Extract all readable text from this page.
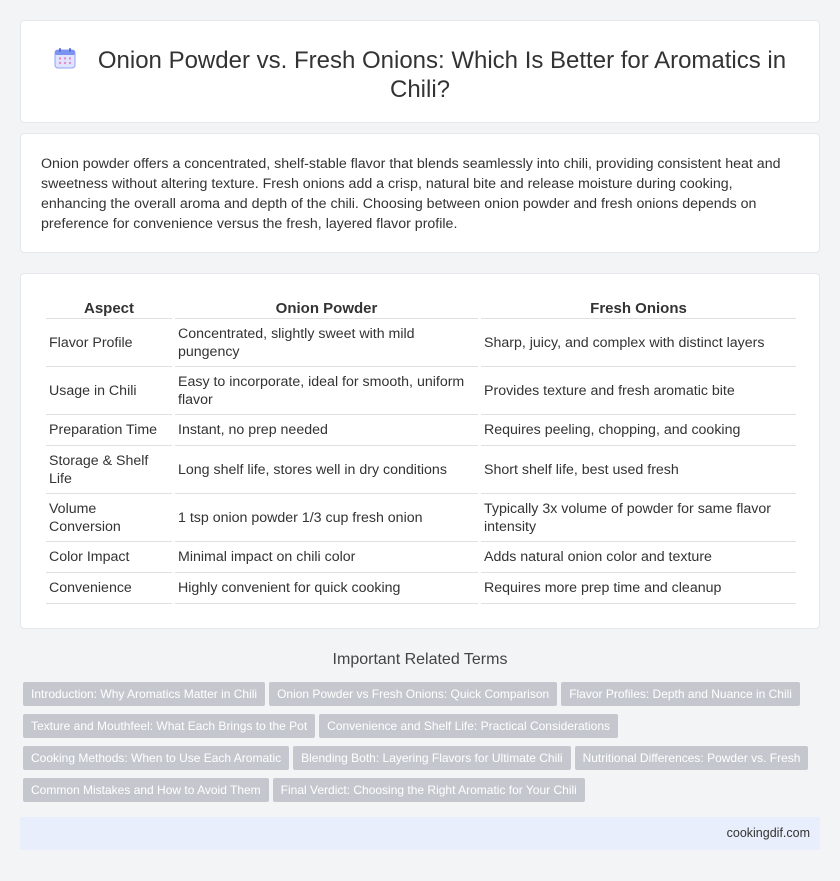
Onion Powder vs. Fresh Onions: Which Is Better for Aromatics in Chili?

Onion powder offers a concentrated, shelf-stable flavor that blends seamlessly into chili, providing consistent heat and sweetness without altering texture. Fresh onions add a crisp, natural bite and release moisture during cooking, enhancing the overall aroma and depth of the chili. Choosing between onion powder and fresh onions depends on preference for convenience versus the fresh, layered flavor profile.

Aspect	Onion Powder	Fresh Onions
Flavor Profile	Concentrated, slightly sweet with mild pungency	Sharp, juicy, and complex with distinct layers
Usage in Chili	Easy to incorporate, ideal for smooth, uniform flavor	Provides texture and fresh aromatic bite
Preparation Time	Instant, no prep needed	Requires peeling, chopping, and cooking
Storage & Shelf Life	Long shelf life, stores well in dry conditions	Short shelf life, best used fresh
Volume Conversion	1 tsp onion powder 1/3 cup fresh onion	Typically 3x volume of powder for same flavor intensity
Color Impact	Minimal impact on chili color	Adds natural onion color and texture
Convenience	Highly convenient for quick cooking	Requires more prep time and cleanup
Important Related Terms
Introduction: Why Aromatics Matter in Chili Onion Powder vs Fresh Onions: Quick Comparison Flavor Profiles: Depth and Nuance in Chili
Texture and Mouthfeel: What Each Brings to the Pot Convenience and Shelf Life: Practical Considerations
Cooking Methods: When to Use Each Aromatic Blending Both: Layering Flavors for Ultimate Chili Nutritional Differences: Powder vs. Fresh
Common Mistakes and How to Avoid Them Final Verdict: Choosing the Right Aromatic for Your Chili
cookingdif.com
